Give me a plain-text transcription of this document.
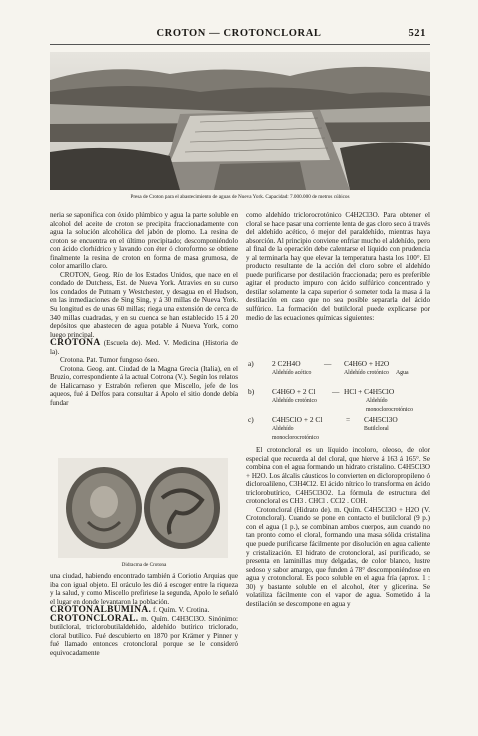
CROTON — CROTONCLORAL	521
Presa de Croton para el abastecimiento de aguas de Nueva York. Capacidad: 7.000.000 de metros cúbicos

neria se saponifica con óxido plúmbico y agua la parte soluble en alcohol del aceite de croton se precipita fraccionadamente con agua la solución alcohólica del jabón de plomo. La resina de croton se encuentra en el último precipitado; descomponiéndolo con ácido clorhídrico y lavando con éter ó cloroformo se obtiene finalmente la resina de croton en forma de masa grumosa, de color amarillo claro.

CROTON, Geog. Río de los Estados Unidos, que nace en el condado de Dutchess, Est. de Nueva York. Atravies en su curso los condados de Putnam y Westchester, y desagua en el Hudson, en las inmediaciones de Sing Sing, y á 30 millas de Nueva York. Su longitud es de unas 60 millas; riega una extensión de cerca de 340 millas cuadradas, y en su cuenca se han establecido 15 á 20 depósitos que abastecen de agua potable á Nueva York, como luego principal.

CROTONA (Escuela de). Med. V. Medicina (Historia de la).

Crotona. Pat. Tumor fungoso óseo.

Crotona. Geog. ant. Ciudad de la Magna Grecia (Italia), en el Bruzio, correspondiente á la actual Cotrona (V.). Según los relatos de Halicarnaso y Estrabón refieren que Miscello, jefe de los aqueos, fué á Delfos para consultar á Apolo el sitio donde debía fundar

Didracma de Crotona

una ciudad, habiendo encontrado también á Coriotio Arquias que iba con igual objeto. El oráculo les dió á escoger entre la riqueza y la salud, y como Miscello prefiriese la segunda, Apolo le señaló el lugar en donde levantaron la población.

CROTONALBUMINA. f. Quím. V. Crotina.

CROTONCLORAL. m. Quím. C4H3Cl3O. Sinónimo: butilcloral, triclorobutilaldehído, aldehído butírico triclorado, cloral butílico. Fué descubierto en 1870 por Krämer y Pinner y fué llamado entonces crotoncloral porque se le consideró equivocadamente

como aldehído triclorocrotónico C4H2Cl3O. Para obtener el cloral se hace pasar una corriente lenta de gas cloro seco á través del aldehído acético, ó mejor del paraldehído, mientras haya absorción. Al principio conviene enfriar mucho el aldehído, pero al final de la operación debe calentarse el líquido con prudencia y al terminarla hay que elevar la temperatura hasta los 100°. El producto resultante de la acción del cloro sobre el aldehído puede purificarse por destilación fraccionada; pero es preferible agitar el producto impuro con ácido sulfúrico concentrado y destilar solamente la capa superior ó someter toda la masa á la destilación en caso que no sea posible separarla del ácido sulfúrico. La formación del butilcloral puede explicarse por medio de las ecuaciones químicas siguientes:

a) 2 C2H4O	— C4H6O + H2O
Aldehído acético	Aldehído crotónico Agua
b) C4H6O + 2 Cl — HCl + C4H5ClO
Aldehído crotónico	Aldehído monoclorocrotónico
c) C4H5ClO + 2 Cl	= C4H5Cl3O
Aldehído monoclorocrotónico
Butilcloral

El crotoncloral es un líquido incoloro, oleoso, de olor especial que recuerda al del cloral, que hierve á 163 á 165°. Se combina con el agua formando un hidrato cristalino. C4H5Cl3O + H2O. Los álcalis cáusticos lo convierten en dicloropropileno ó dicloroalileno, C3H4Cl2. El ácido nítrico lo transforma en ácido triclorobutírico, C4H5Cl3O2. La fórmula de estructura del crotoncloral es CH3 . CHCl . CCl2 . COH.

Crotoncloral (Hidrato de). m. Quím. C4H5Cl3O + H2O (V. Crotoncloral). Cuando se pone en contacto el butilcloral (9 p.) con el agua (1 p.), se combinan ambos cuerpos, aun cuando no tan pronto como el cloral, formando una masa sólida cristalina que puede purificarse fácilmente por disolución en agua caliente y cristalización. El hidrato de crotoncloral, así purificado, se presenta en laminillas muy delgadas, de color blanco, lustre sedoso y sabor amargo, que funden á 78° descomponiéndose en agua y crotoncloral. Es poco soluble en el agua fría (aprox. 1 : 30) y bastante soluble en el alcohol, éter y glicerina. Se volatiliza fácilmente con el vapor de agua. Sometido á la destilación se descompone en agua y
